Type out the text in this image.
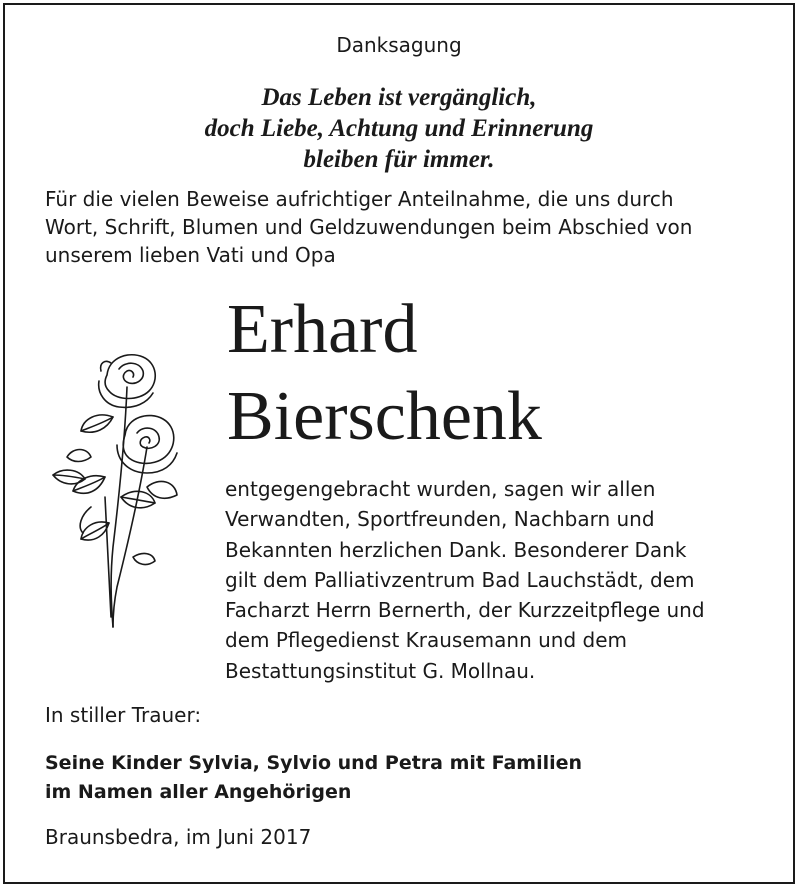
Danksagung
Das Leben ist vergänglich,
doch Liebe, Achtung und Erinnerung
bleiben für immer.
Für die vielen Beweise aufrichtiger Anteilnahme, die uns durch
Wort, Schrift, Blumen und Geldzuwendungen beim Abschied von
unserem lieben Vati und Opa
Erhard
Bierschenk
entgegengebracht wurden, sagen wir allen
Verwandten, Sportfreunden, Nachbarn und
Bekannten herzlichen Dank. Besonderer Dank
gilt dem Palliativzentrum Bad Lauchstädt, dem
Facharzt Herrn Bernerth, der Kurzzeitpflege und
dem Pflegedienst Krausemann und dem
Bestattungsinstitut G. Mollnau.
In stiller Trauer:
Seine Kinder Sylvia, Sylvio und Petra mit Familien
im Namen aller Angehörigen
Braunsbedra, im Juni 2017
